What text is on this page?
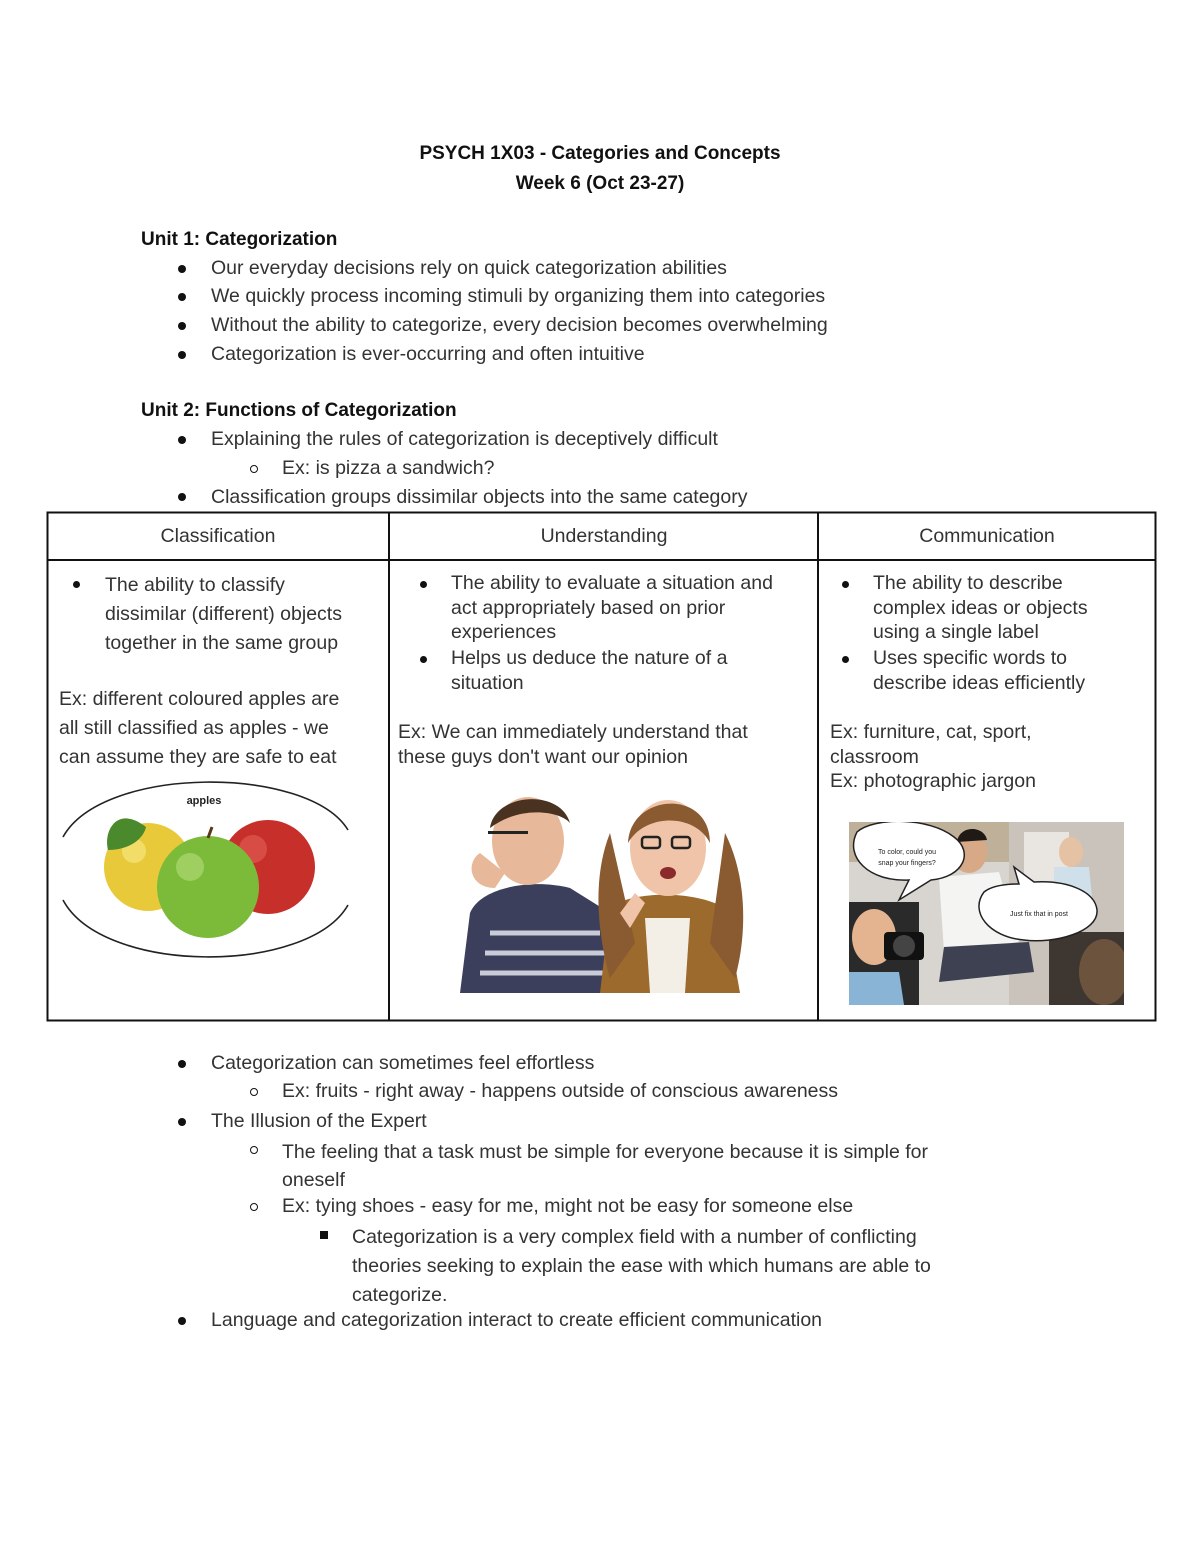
PSYCH 1X03 - Categories and Concepts
Week 6 (Oct 23-27)
Unit 1: Categorization
Our everyday decisions rely on quick categorization abilities
We quickly process incoming stimuli by organizing them into categories
Without the ability to categorize, every decision becomes overwhelming
Categorization is ever-occurring and often intuitive
Unit 2: Functions of Categorization
Explaining the rules of categorization is deceptively difficult
Ex: is pizza a sandwich?
Classification groups dissimilar objects into the same category
Classification	Understanding	Communication
The ability to classify
dissimilar (different) objects
together in the same group
Ex: different coloured apples are
all still classified as apples - we
can assume they are safe to eat
apples
The ability to evaluate a situation and
act appropriately based on prior
experiences
Helps us deduce the nature of a
situation
Ex: We can immediately understand that
these guys don't want our opinion
The ability to describe
complex ideas or objects
using a single label
Uses specific words to
describe ideas efficiently
Ex: furniture, cat, sport,
classroom
Ex: photographic jargon
To color, could you
snap your fingers?
Just fix that in post
Categorization can sometimes feel effortless
Ex: fruits - right away - happens outside of conscious awareness
The Illusion of the Expert
The feeling that a task must be simple for everyone because it is simple for
oneself
Ex: tying shoes - easy for me, might not be easy for someone else
Categorization is a very complex field with a number of conflicting
theories seeking to explain the ease with which humans are able to
categorize.
Language and categorization interact to create efficient communication
